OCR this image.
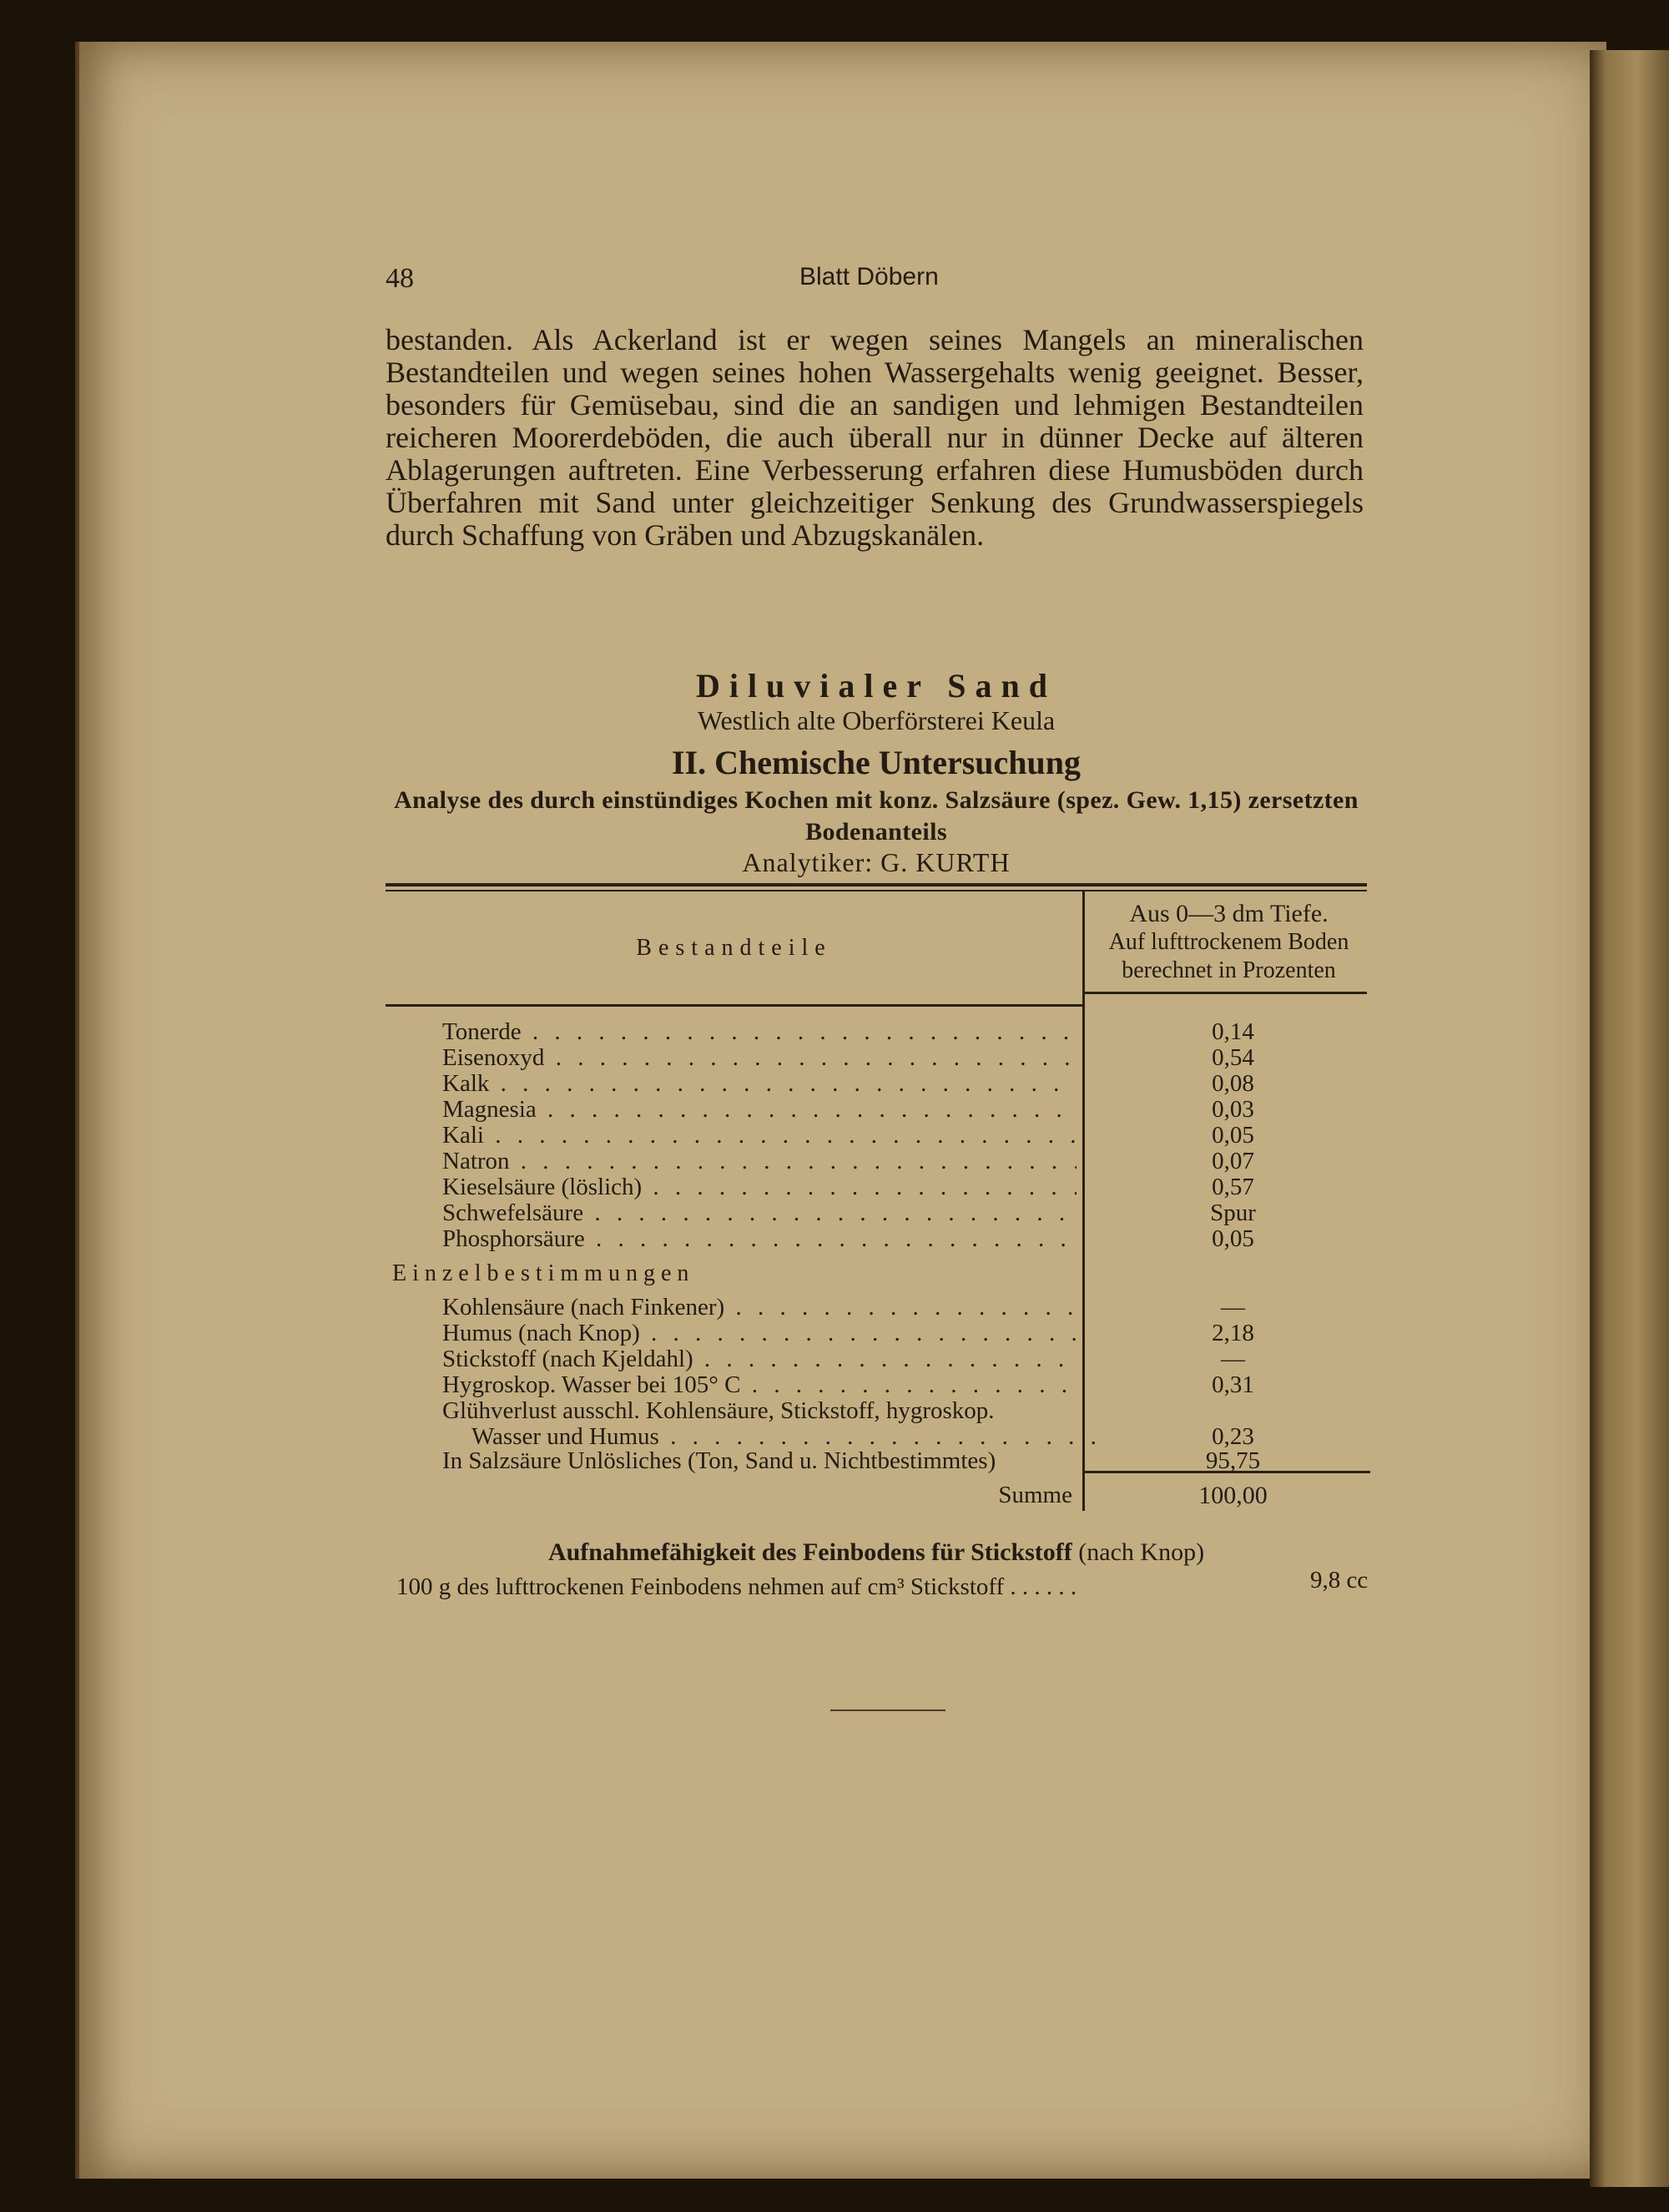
48	Blatt Döbern
bestanden. Als Ackerland ist er wegen seines Mangels an mineralischen Bestandteilen und wegen seines hohen Wassergehalts wenig geeignet. Besser, besonders für Gemüsebau, sind die an sandigen und lehmigen Bestandteilen reicheren Moorerdeböden, die auch überall nur in dünner Decke auf älteren Ablagerungen auftreten. Eine Verbesserung erfahren diese Humusböden durch Überfahren mit Sand unter gleichzeitiger Senkung des Grundwasserspiegels durch Schaffung von Gräben und Abzugskanälen.
Diluvialer Sand
Westlich alte Oberförsterei Keula
II. Chemische Untersuchung
Analyse des durch einstündiges Kochen mit konz. Salzsäure (spez. Gew. 1,15) zersetzten Bodenanteils
Analytiker: G. KURTH
Bestandteile
Aus 0—3 dm Tiefe.
Auf lufttrockenem Boden
berechnet in Prozenten
Tonerde . . .	0,14
Eisenoxyd . . .	0,54
Kalk . . .	0,08
Magnesia . . .	0,03
Kali . . .	0,05
Natron . . .	0,07
Kieselsäure (löslich) . . .	0,57
Schwefelsäure . . .	Spur
Phosphorsäure . . .	0,05
Einzelbestimmungen
Kohlensäure (nach Finkener) . . .	—
Humus (nach Knop) . . .	2,18
Stickstoff (nach Kjeldahl) . . .	—
Hygroskop. Wasser bei 105° C . . .	0,31
Glühverlust ausschl. Kohlensäure, Stickstoff, hygroskop.
Wasser und Humus . . .	0,23
In Salzsäure Unlösliches (Ton, Sand u. Nichtbestimmtes)	95,75
Summe	100,00
Aufnahmefähigkeit des Feinbodens für Stickstoff (nach Knop)
100 g des lufttrockenen Feinbodens nehmen auf cm³ Stickstoff . . . . . .	9,8 cc
